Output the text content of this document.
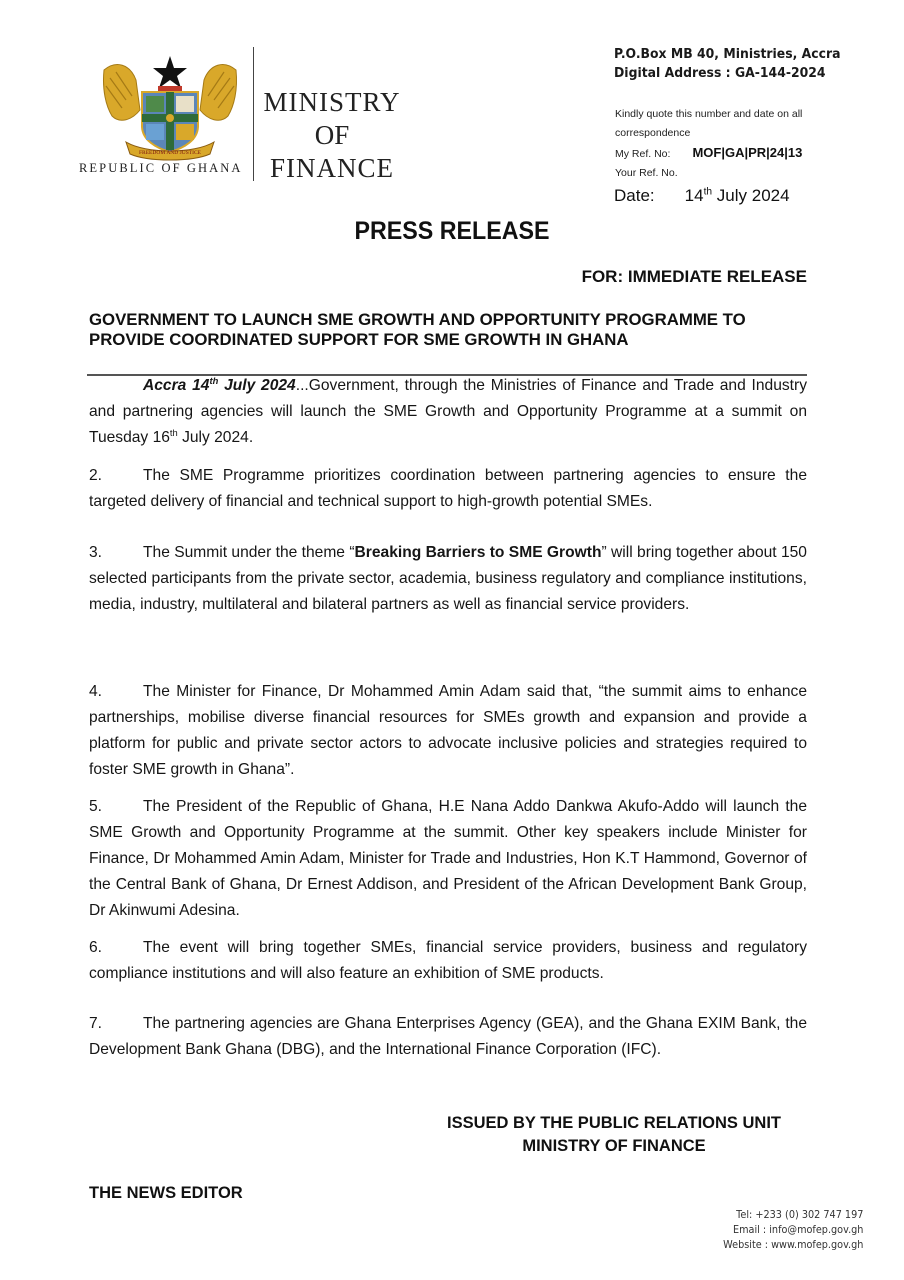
FREEDOM AND JUSTICE
REPUBLIC OF GHANA
MINISTRY
OF
FINANCE
P.O.Box MB 40, Ministries, Accra
Digital Address : GA-144-2024
Kindly quote this number and date on all correspondence
My Ref. No: MOF|GA|PR|24|13
Your Ref. No.
Date: 14th July 2024
PRESS RELEASE
FOR: IMMEDIATE RELEASE
GOVERNMENT TO LAUNCH SME GROWTH AND OPPORTUNITY PROGRAMME TO PROVIDE COORDINATED SUPPORT FOR SME GROWTH IN GHANA
Accra 14th July 2024...Government, through the Ministries of Finance and Trade and Industry and partnering agencies will launch the SME Growth and Opportunity Programme at a summit on Tuesday 16th July 2024.
2.	The SME Programme prioritizes coordination between partnering agencies to ensure the targeted delivery of financial and technical support to high-growth potential SMEs.
3.	The Summit under the theme “Breaking Barriers to SME Growth” will bring together about 150 selected participants from the private sector, academia, business regulatory and compliance institutions, media, industry, multilateral and bilateral partners as well as financial service providers.
4.	The Minister for Finance, Dr Mohammed Amin Adam said that, “the summit aims to enhance partnerships, mobilise diverse financial resources for SMEs growth and expansion and provide a platform for public and private sector actors to advocate inclusive policies and strategies required to foster SME growth in Ghana”.
5.	The President of the Republic of Ghana, H.E Nana Addo Dankwa Akufo-Addo will launch the SME Growth and Opportunity Programme at the summit. Other key speakers include Minister for Finance, Dr Mohammed Amin Adam, Minister for Trade and Industries, Hon K.T Hammond, Governor of the Central Bank of Ghana, Dr Ernest Addison, and President of the African Development Bank Group, Dr Akinwumi Adesina.
6.	The event will bring together SMEs, financial service providers, business and regulatory compliance institutions and will also feature an exhibition of SME products.
7.	The partnering agencies are Ghana Enterprises Agency (GEA), and the Ghana EXIM Bank, the Development Bank Ghana (DBG), and the International Finance Corporation (IFC).
ISSUED BY THE PUBLIC RELATIONS UNIT
MINISTRY OF FINANCE
THE NEWS EDITOR
Tel: +233 (0) 302 747 197
Email : info@mofep.gov.gh
Website : www.mofep.gov.gh
